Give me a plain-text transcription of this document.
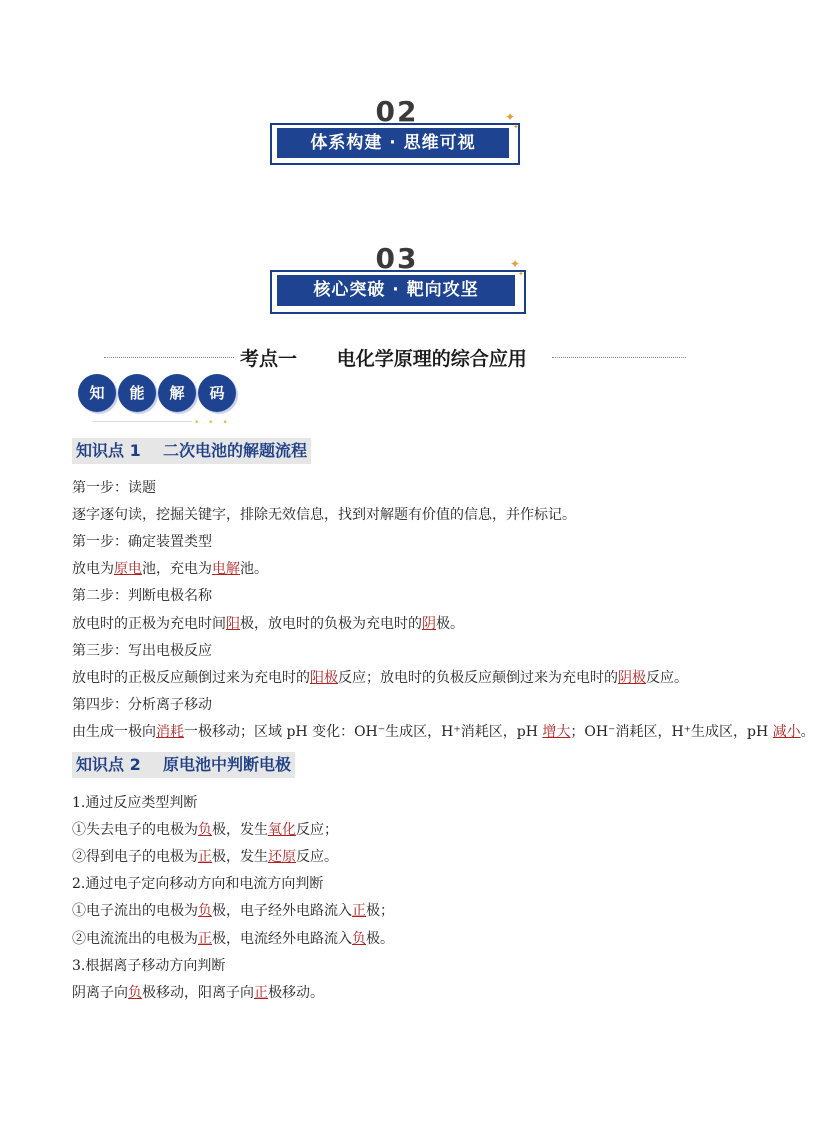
02
体系构建 · 思维可视
✦
✦
03
核心突破 · 靶向攻坚
✦
✦
考点一 电化学原理的综合应用
知	能	解	码
• • •
知识点 1    二次电池的解题流程
第一步：读题
逐字逐句读，挖掘关键字，排除无效信息，找到对解题有价值的信息，并作标记。
第一步：确定装置类型
放电为原电池，充电为电解池。
第二步：判断电极名称
放电时的正极为充电时间阳极，放电时的负极为充电时的阴极。
第三步：写出电极反应
放电时的正极反应颠倒过来为充电时的阳极反应；放电时的负极反应颠倒过来为充电时的阴极反应。
第四步：分析离子移动
由生成一极向消耗一极移动；区域 pH 变化：OH⁻生成区，H⁺消耗区，pH 增大；OH⁻消耗区，H⁺生成区，pH 减小。
知识点 2    原电池中判断电极
1.通过反应类型判断
①失去电子的电极为负极，发生氧化反应；
②得到电子的电极为正极，发生还原反应。
2.通过电子定向移动方向和电流方向判断
①电子流出的电极为负极，电子经外电路流入正极；
②电流流出的电极为正极，电流经外电路流入负极。
3.根据离子移动方向判断
阴离子向负极移动，阳离子向正极移动。
